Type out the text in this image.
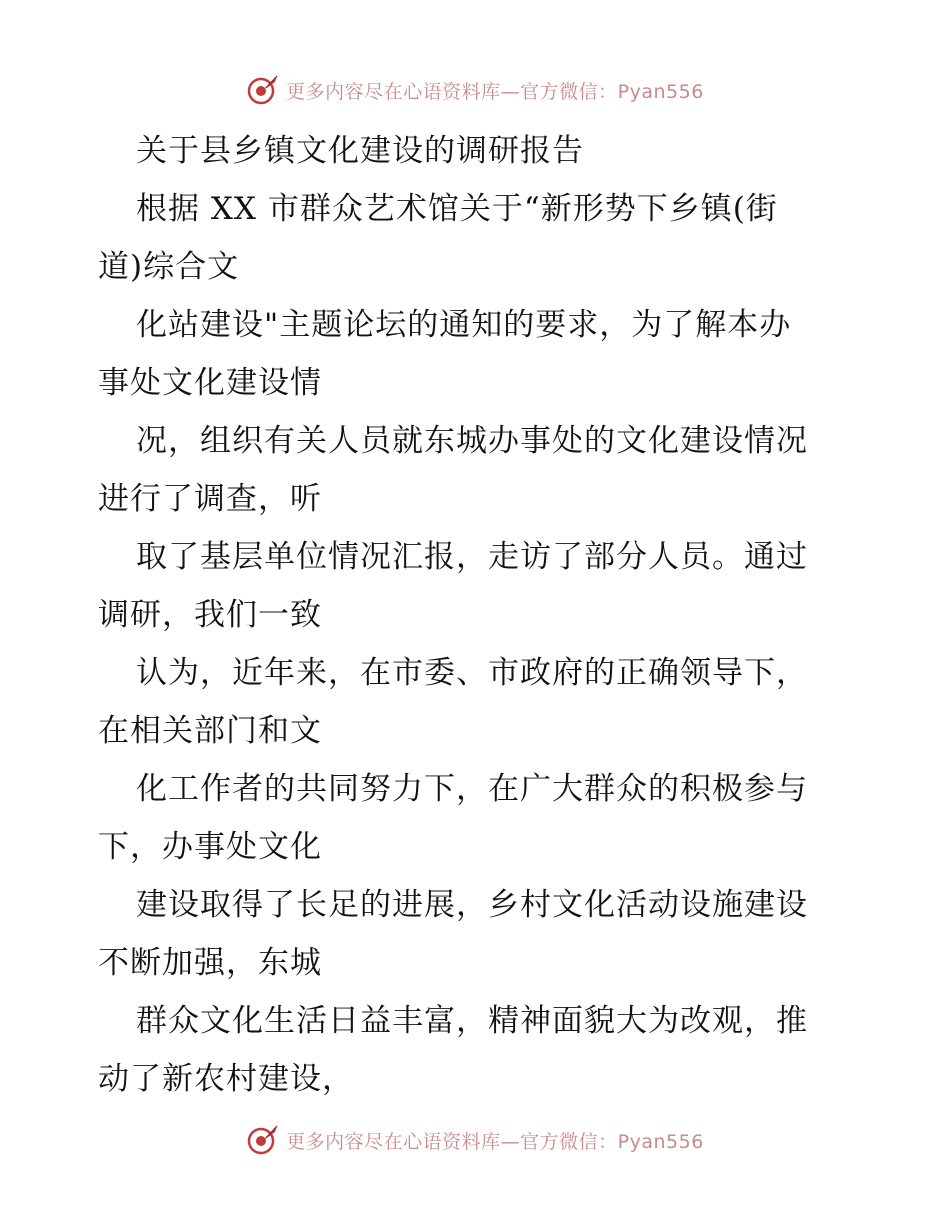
更多内容尽在心语资料库—官方微信：Pyan556
关于县乡镇文化建设的调研报告
根据 XX 市群众艺术馆关于“新形势下乡镇(街
道)综合文
化站建设"主题论坛的通知的要求，为了解本办
事处文化建设情
况，组织有关人员就东城办事处的文化建设情况
进行了调查，听
取了基层单位情况汇报，走访了部分人员。通过
调研，我们一致
认为，近年来，在市委、市政府的正确领导下，
在相关部门和文
化工作者的共同努力下，在广大群众的积极参与
下，办事处文化
建设取得了长足的进展，乡村文化活动设施建设
不断加强，东城
群众文化生活日益丰富，精神面貌大为改观，推
动了新农村建设，
更多内容尽在心语资料库—官方微信：Pyan556
